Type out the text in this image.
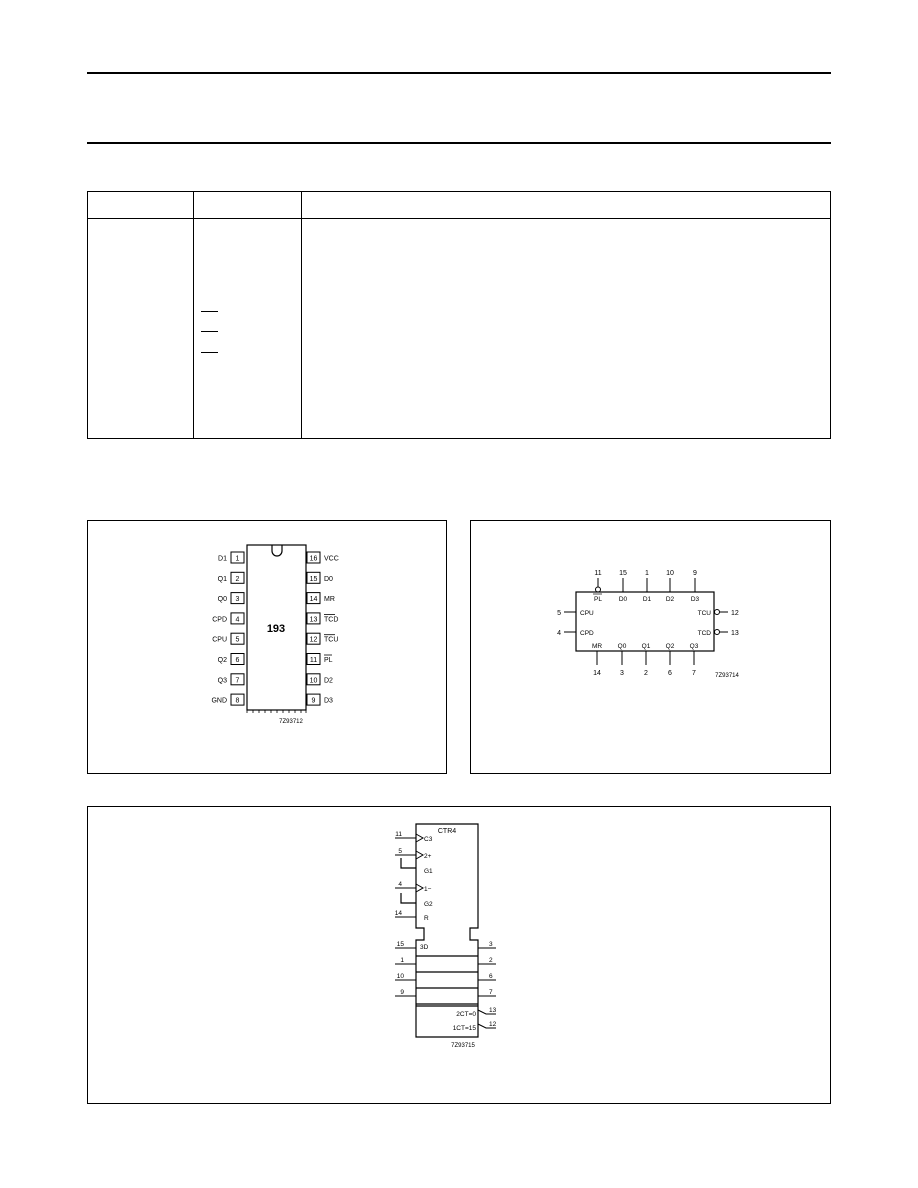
193
1
D1
2
Q1
3
Q0
4
CPD
5
CPU
6
Q2
7
Q3
8
GND
16 VCC
15 D0
14 MR
13 TCD
12 TCU
11 PL
10 D2
9 D3
7Z93712
11
PL
15
D0
1
D1
10
D2
9
D3
5	CPU
4	CPD
TCU	12
TCD	13
MR
14
Q0
3
Q1
2
Q2
6
Q3
7	7Z93714
CTR4
11
C3
5
2+
G1
4
1−
G2
14
R
15 3D	3
1	2
10	6
9	7
2CT=0
13
1CT=15
12
7Z93715
